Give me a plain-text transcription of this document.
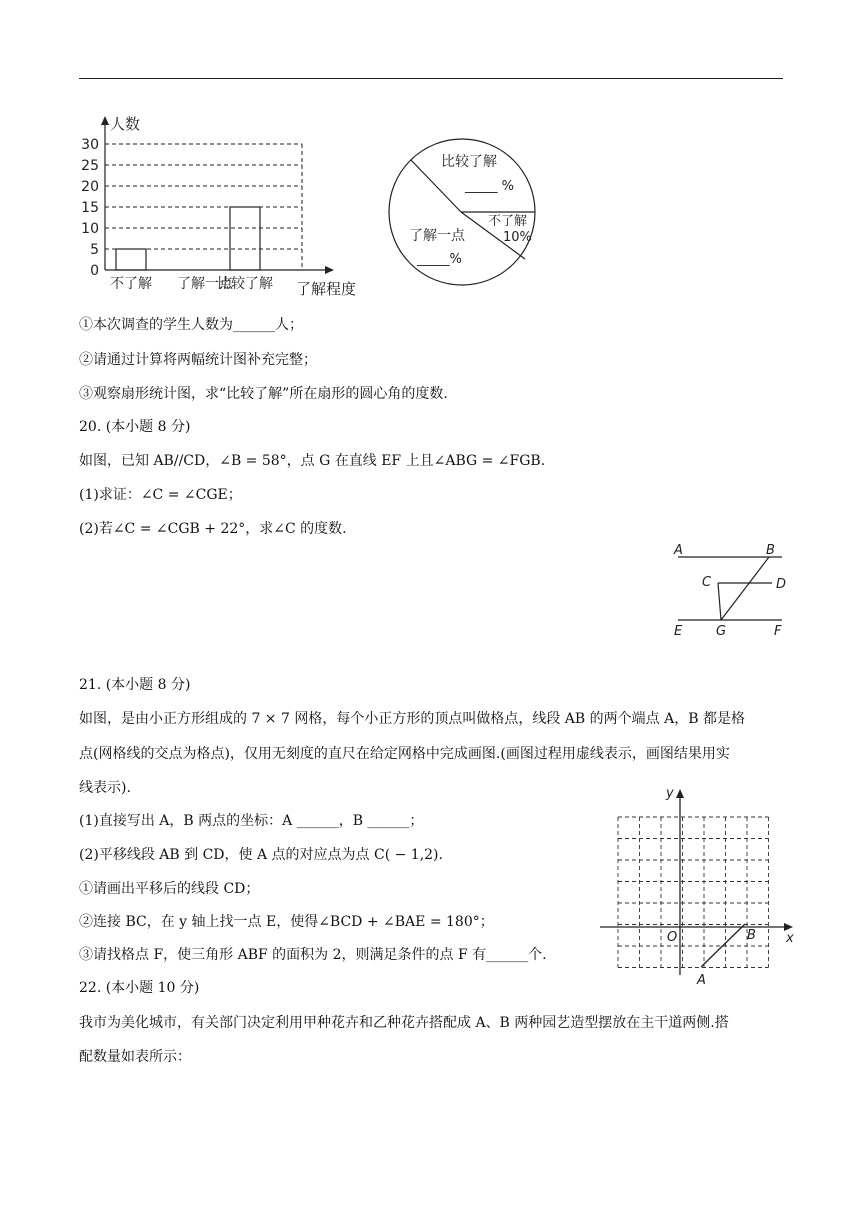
人数
0
5
10
15
20
25
30
不了解 了解一点
比较了解 了解程度
比较了解
_____ %
不了解
10%
了解一点
_____%
①本次调查的学生人数为______人；
②请通过计算将两幅统计图补充完整；
③观察扇形统计图，求“比较了解”所在扇形的圆心角的度数.
20. (本小题 8 分)
如图，已知 AB//CD，∠B = 58°，点 G 在直线 EF 上且∠ABG = ∠FGB.
(1)求证：∠C = ∠CGE；
(2)若∠C = ∠CGB + 22°，求∠C 的度数.
A	B
C	D
E	G	F
21. (本小题 8 分)
如图，是由小正方形组成的 7 × 7 网格，每个小正方形的顶点叫做格点，线段 AB 的两个端点 A，B 都是格
点(网格线的交点为格点)，仅用无刻度的直尺在给定网格中完成画图.(画图过程用虚线表示，画图结果用实
线表示).
(1)直接写出 A，B 两点的坐标：A ______，B ______；
(2)平移线段 AB 到 CD，使 A 点的对应点为点 C( − 1,2).
①请画出平移后的线段 CD；
②连接 BC，在 y 轴上找一点 E，使得∠BCD + ∠BAE = 180°；
③请找格点 F，使三角形 ABF 的面积为 2，则满足条件的点 F 有______个.
y
x
O	B
A
22. (本小题 10 分)
我市为美化城市，有关部门决定利用甲种花卉和乙种花卉搭配成 A、B 两种园艺造型摆放在主干道两侧.搭
配数量如表所示：
